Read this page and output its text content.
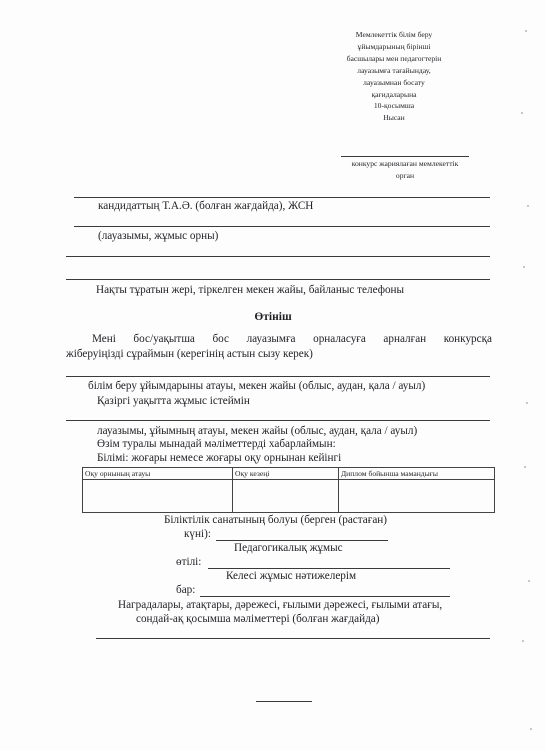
Мемлекеттік білім беру
ұйымдарының бірінші
басшылары мен педагогтерін
лауазымға тағайындау,
лауазымнан босату
қағидаларына
10-қосымша
Нысан
конкурс жариялаған мемлекеттік
орган
кандидаттың Т.А.Ә. (болған жағдайда), ЖСН
(лауазымы, жұмыс орны)
Нақты тұратын жері, тіркелген мекен жайы, байланыс телефоны
Өтініш
Мені бос/уақытша бос лауазымға орналасуға арналған конкурсқа
жіберуіңізді сұраймын (керегінің астын сызу керек)
білім беру ұйымдарыны атауы, мекен жайы (облыс, аудан, қала / ауыл)
Қазіргі уақытта жұмыс істеймін
лауазымы, ұйымның атауы, мекен жайы (облыс, аудан, қала / ауыл)
Өзім туралы мынадай мәліметтерді хабарлаймын:
Білімі: жоғары немесе жоғары оқу орнынан кейінгі
Оқу орнының атауы	Оқу кезеңі	Диплом бойынша мамандығы

Біліктілік санатының болуы (берген (растаған)
күні):
Педагогикалық жұмыс
өтілі:
Келесі жұмыс нәтижелерім
бар:
Наградалары, атақтары, дәрежесі, ғылыми дәрежесі, ғылыми атағы,
сондай-ақ қосымша мәліметтері (болған жағдайда)
